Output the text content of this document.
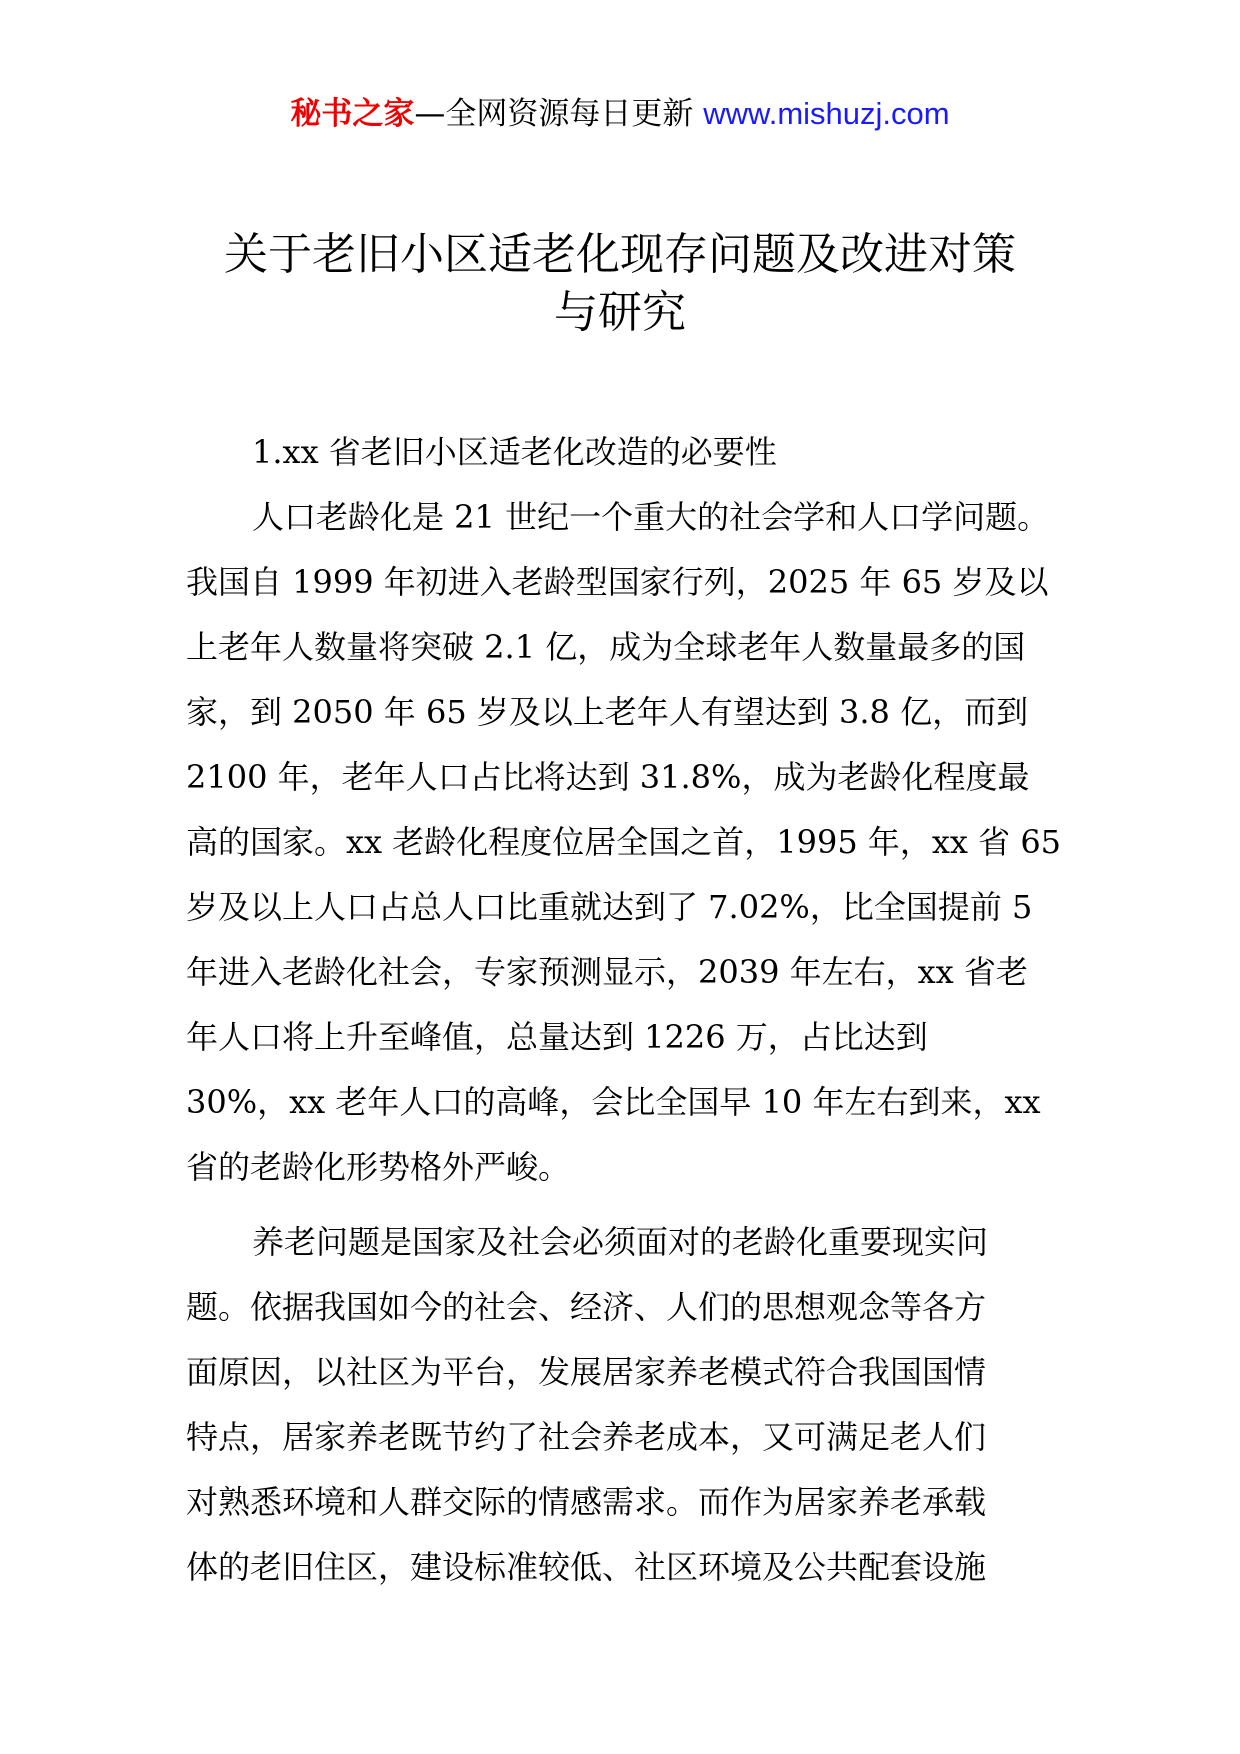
秘书之家—全网资源每日更新 www.mishuzj.com
关于老旧小区适老化现存问题及改进对策
与研究
1.xx 省老旧小区适老化改造的必要性
人口老龄化是 21 世纪一个重大的社会学和人口学问题。
我国自 1999 年初进入老龄型国家行列，2025 年 65 岁及以
上老年人数量将突破 2.1 亿，成为全球老年人数量最多的国
家，到 2050 年 65 岁及以上老年人有望达到 3.8 亿，而到
2100 年，老年人口占比将达到 31.8%，成为老龄化程度最
高的国家。xx 老龄化程度位居全国之首，1995 年，xx 省 65
岁及以上人口占总人口比重就达到了 7.02%，比全国提前 5
年进入老龄化社会，专家预测显示，2039 年左右，xx 省老
年人口将上升至峰值，总量达到 1226 万，占比达到
30%，xx 老年人口的高峰，会比全国早 10 年左右到来，xx
省的老龄化形势格外严峻。
养老问题是国家及社会必须面对的老龄化重要现实问
题。依据我国如今的社会、经济、人们的思想观念等各方
面原因，以社区为平台，发展居家养老模式符合我国国情
特点，居家养老既节约了社会养老成本，又可满足老人们
对熟悉环境和人群交际的情感需求。而作为居家养老承载
体的老旧住区，建设标准较低、社区环境及公共配套设施
